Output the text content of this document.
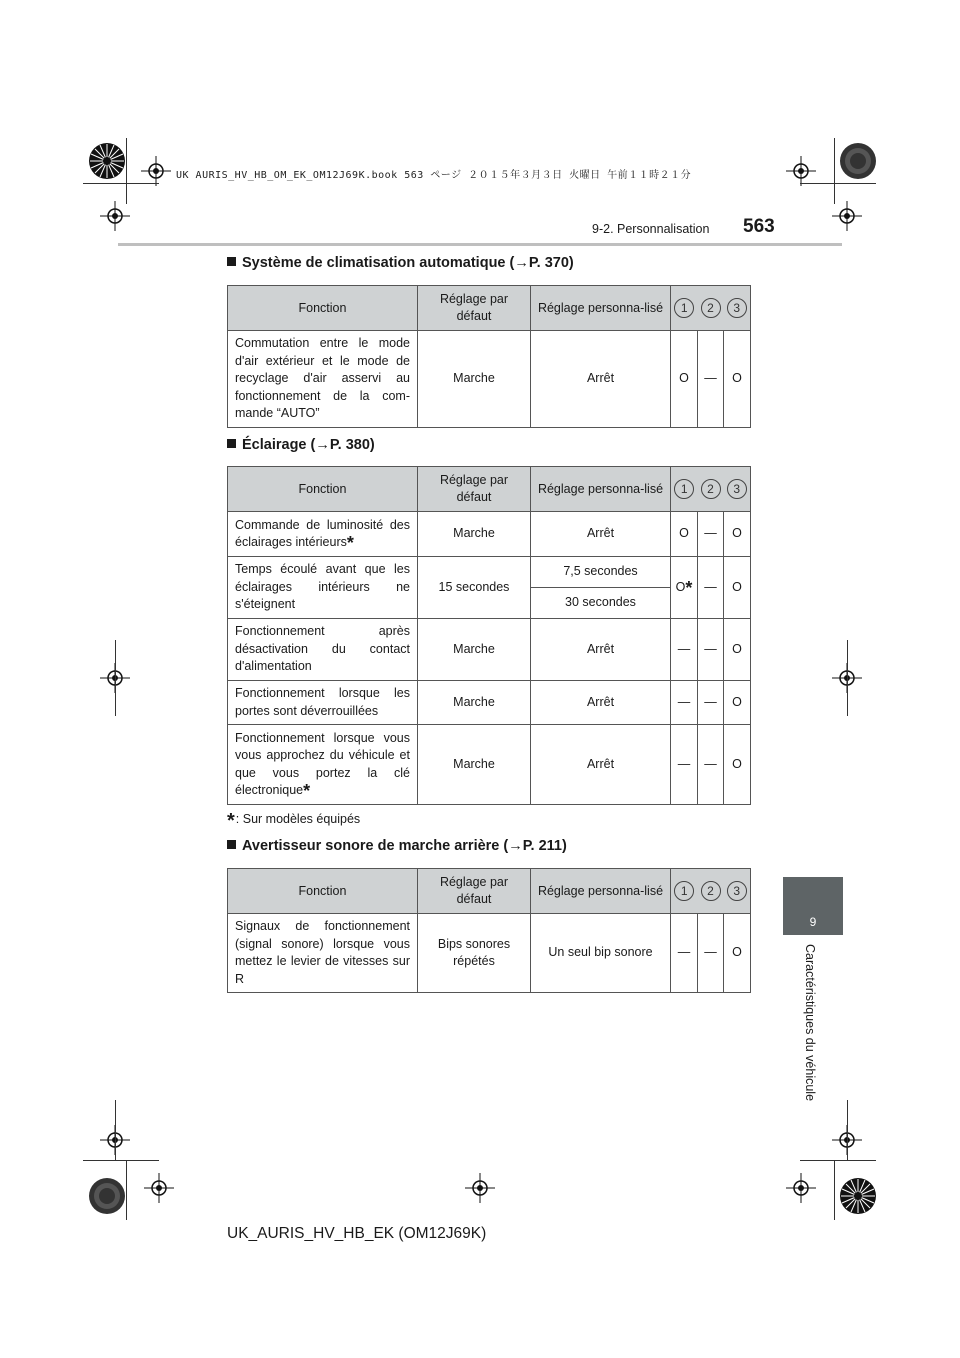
UK AURIS_HV_HB_OM_EK_OM12J69K.book 563 ページ ２０１５年３月３日 火曜日 午前１１時２１分
9-2. Personnalisation 563
9
Caractéristiques du véhicule
Système de climatisation automatique (→P. 370)
Fonction	Réglage par défaut	Réglage personna-lisé	1	2	3
Commutation entre le mode d'air extérieur et le mode de recyclage d'air asservi au fonctionnement de la com-mande “AUTO”	Marche	Arrêt	O	—	O
Éclairage (→P. 380)
Fonction	Réglage par défaut	Réglage personna-lisé	1	2	3
Commande de luminosité des éclairages intérieurs*	Marche	Arrêt	O	—	O
Temps écoulé avant que les éclairages intérieurs ne s'éteignent	15 secondes	7,5 secondes	O*	—	O
		30 secondes			
Fonctionnement après désactivation du contact d'alimentation	Marche	Arrêt	—	—	O
Fonctionnement lorsque les portes sont déverrouillées	Marche	Arrêt	—	—	O
Fonctionnement lorsque vous vous approchez du véhicule et que vous portez la clé électronique*	Marche	Arrêt	—	—	O
*: Sur modèles équipés
Avertisseur sonore de marche arrière (→P. 211)
Fonction	Réglage par défaut	Réglage personna-lisé	1	2	3
Signaux de fonctionnement (signal sonore) lorsque vous mettez le levier de vitesses sur R	Bips sonores répétés	Un seul bip sonore	—	—	O
UK_AURIS_HV_HB_EK (OM12J69K)
